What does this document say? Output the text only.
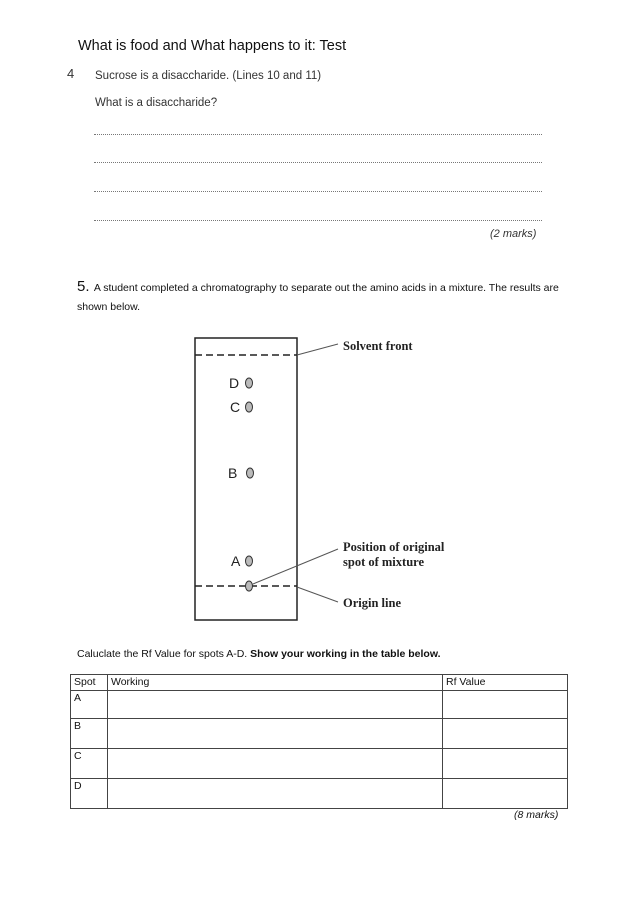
What is food and What happens to it: Test
4 Sucrose is a disaccharide. (Lines 10 and 11)
What is a disaccharide?
(2 marks)
5. A student completed a chromatography to separate out the amino acids in a mixture. The results are shown below.
D
C
B
A
Solvent front
Position of original
spot of mixture
Origin line
Caluclate the Rf Value for spots A-D. Show your working in the table below.
Spot	Working	Rf Value
A		
B		
C		
D		
(8 marks)
